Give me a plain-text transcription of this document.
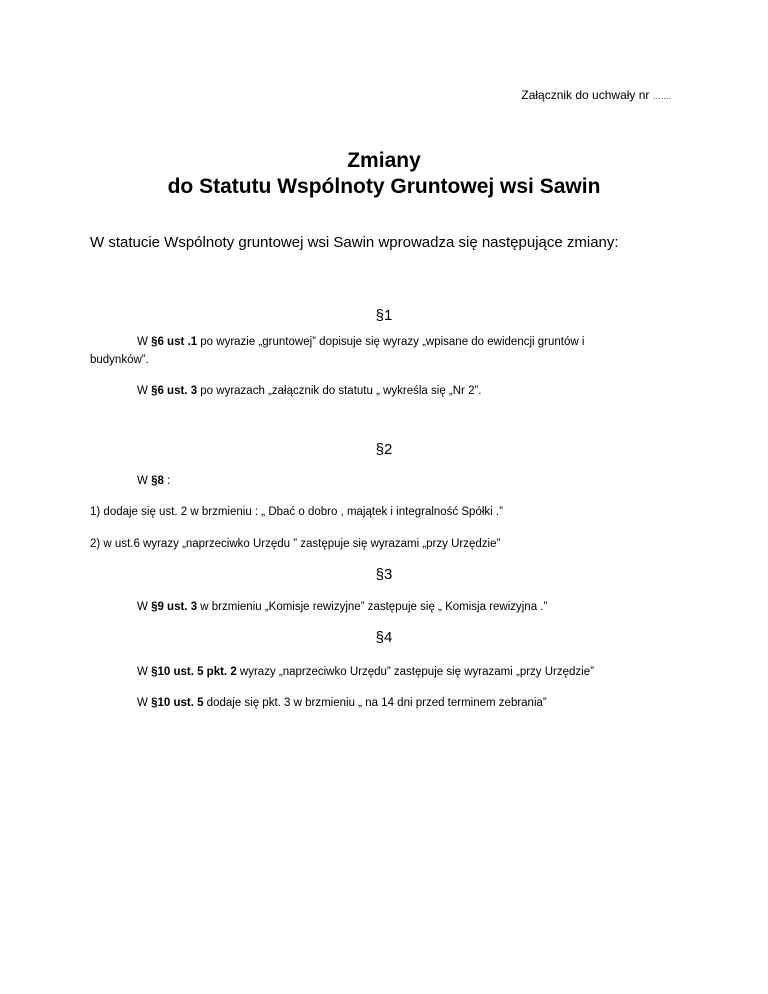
Załącznik do uchwały nr …….
Zmiany
do Statutu Wspólnoty Gruntowej wsi Sawin
W statucie Wspólnoty gruntowej wsi Sawin wprowadza się następujące zmiany:
§1
W §6 ust .1 po wyrazie „gruntowej” dopisuje się wyrazy „wpisane do ewidencji gruntów i
budynków”.
W §6 ust. 3 po wyrazach „załącznik do statutu „ wykreśla się „Nr 2”.
§2
W §8 :
1) dodaje się ust. 2 w brzmieniu : „ Dbać o dobro , majątek i integralność Spółki .”
2) w ust.6 wyrazy „naprzeciwko Urzędu ” zastępuje się wyrazami „przy Urzędzie”
§3
W §9 ust. 3 w brzmieniu „Komisje rewizyjne” zastępuje się „ Komisja rewizyjna .”
§4
W §10 ust. 5 pkt. 2 wyrazy „naprzeciwko Urzędu” zastępuje się wyrazami „przy Urzędzie”
W §10 ust. 5 dodaje się pkt. 3 w brzmieniu „ na 14 dni przed terminem zebrania”
